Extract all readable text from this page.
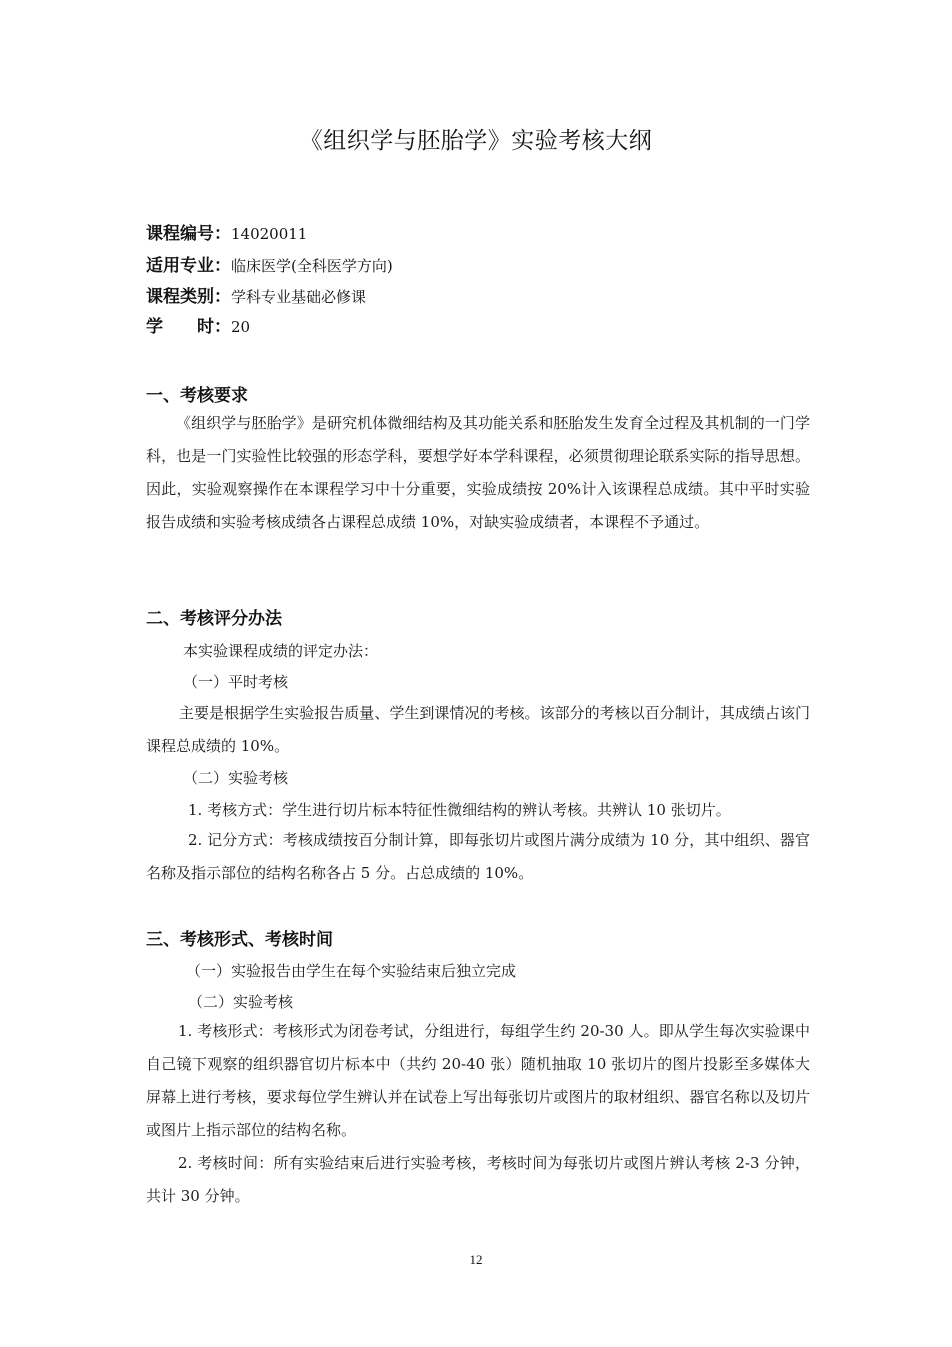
《组织学与胚胎学》实验考核大纲
课程编号：14020011
适用专业：临床医学(全科医学方向)
课程类别：学科专业基础必修课
学　　时：20
一、考核要求
《组织学与胚胎学》是研究机体微细结构及其功能关系和胚胎发生发育全过程及其机制的一门学科，也是一门实验性比较强的形态学科，要想学好本学科课程，必须贯彻理论联系实际的指导思想。因此，实验观察操作在本课程学习中十分重要，实验成绩按 20%计入该课程总成绩。其中平时实验报告成绩和实验考核成绩各占课程总成绩 10%，对缺实验成绩者，本课程不予通过。
二、考核评分办法
本实验课程成绩的评定办法：
（一）平时考核
主要是根据学生实验报告质量、学生到课情况的考核。该部分的考核以百分制计，其成绩占该门课程总成绩的 10%。
（二）实验考核
1. 考核方式：学生进行切片标本特征性微细结构的辨认考核。共辨认 10 张切片。
2. 记分方式：考核成绩按百分制计算，即每张切片或图片满分成绩为 10 分，其中组织、器官名称及指示部位的结构名称各占 5 分。占总成绩的 10%。
三、考核形式、考核时间
（一）实验报告由学生在每个实验结束后独立完成
（二）实验考核
1. 考核形式：考核形式为闭卷考试，分组进行，每组学生约 20-30 人。即从学生每次实验课中自己镜下观察的组织器官切片标本中（共约 20-40 张）随机抽取 10 张切片的图片投影至多媒体大屏幕上进行考核，要求每位学生辨认并在试卷上写出每张切片或图片的取材组织、器官名称以及切片或图片上指示部位的结构名称。
2. 考核时间：所有实验结束后进行实验考核，考核时间为每张切片或图片辨认考核 2-3 分钟，共计 30 分钟。
12
